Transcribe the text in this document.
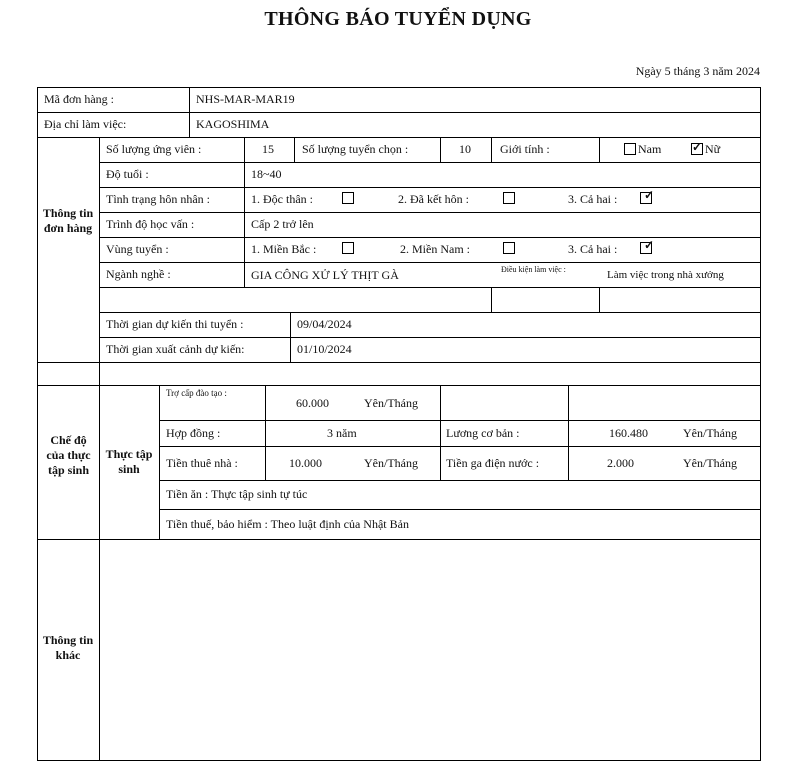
THÔNG BÁO TUYỂN DỤNG
Ngày 5 tháng 3 năm 2024
Mã đơn hàng :	NHS-MAR-MAR19
Địa chỉ làm việc:	KAGOSHIMA
Thông tin đơn hàng
Số lượng ứng viên :	15 Số lượng tuyển chọn :	10 Giới tính :	Nam	✓ Nữ
Độ tuổi :	18~40
Tình trạng hôn nhân :	1. Độc thân :	2. Đã kết hôn :	3. Cả hai : ✓
Trình độ học vấn :	Cấp 2 trở lên
Vùng tuyển :	1. Miền Bắc :	2. Miền Nam :	3. Cả hai : ✓
Ngành nghề :	GIA CÔNG XỬ LÝ THỊT GÀ	Điều kiện làm việc :	Làm việc trong nhà xưởng
Thời gian dự kiến thi tuyển :	09/04/2024
Thời gian xuất cảnh dự kiến:	01/10/2024
Chế độ của thực tập sinh
Thực tập sinh
Trợ cấp đào tạo :
60.000	Yên/Tháng
Hợp đồng :	3 năm	Lương cơ bản :	160.480	Yên/Tháng
Tiền thuê nhà :	10.000	Yên/Tháng Tiền ga điện nước :	2.000	Yên/Tháng
Tiền ăn : Thực tập sinh tự túc
Tiền thuế, bảo hiểm : Theo luật định của Nhật Bản
Thông tin khác
